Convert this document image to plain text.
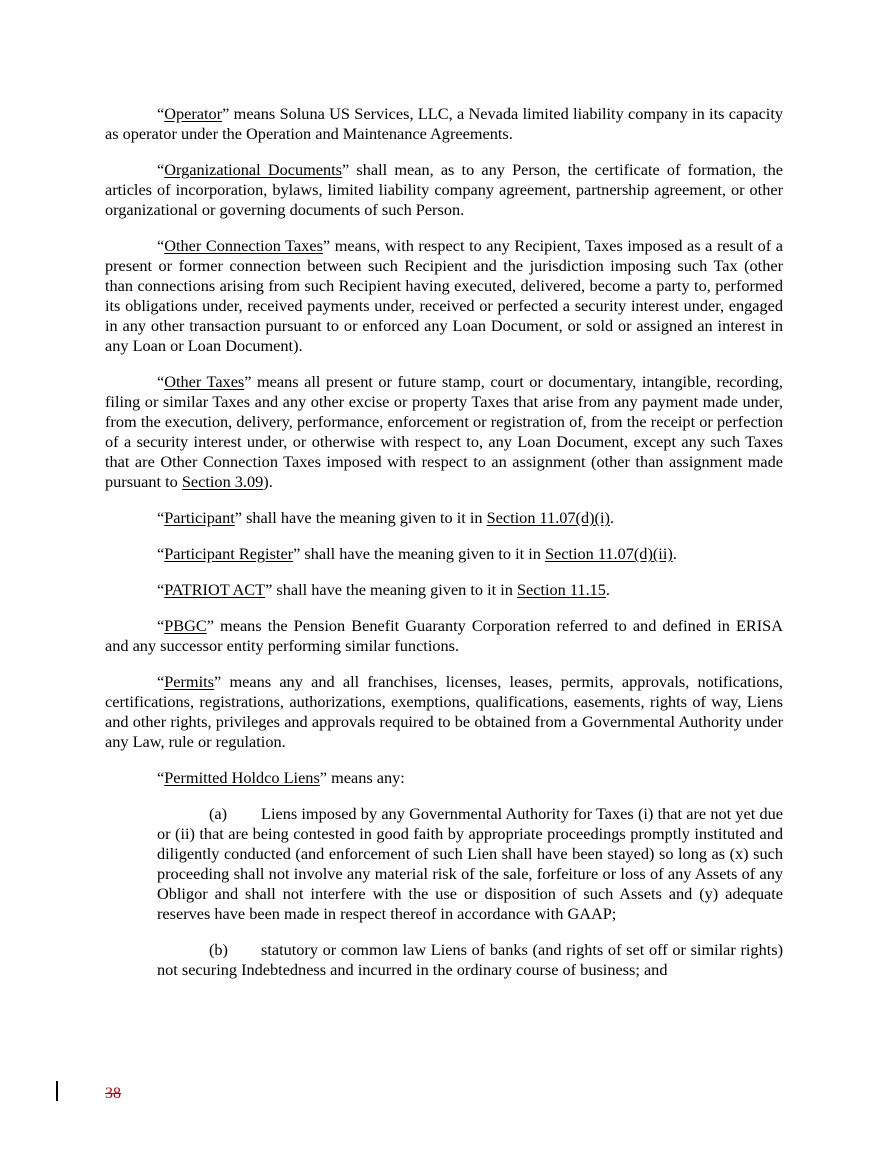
“Operator” means Soluna US Services, LLC, a Nevada limited liability company in its capacity as operator under the Operation and Maintenance Agreements.

“Organizational Documents” shall mean, as to any Person, the certificate of formation, the articles of incorporation, bylaws, limited liability company agreement, partnership agreement, or other organizational or governing documents of such Person.

“Other Connection Taxes” means, with respect to any Recipient, Taxes imposed as a result of a present or former connection between such Recipient and the jurisdiction imposing such Tax (other than connections arising from such Recipient having executed, delivered, become a party to, performed its obligations under, received payments under, received or perfected a security interest under, engaged in any other transaction pursuant to or enforced any Loan Document, or sold or assigned an interest in any Loan or Loan Document).

“Other Taxes” means all present or future stamp, court or documentary, intangible, recording, filing or similar Taxes and any other excise or property Taxes that arise from any payment made under, from the execution, delivery, performance, enforcement or registration of, from the receipt or perfection of a security interest under, or otherwise with respect to, any Loan Document, except any such Taxes that are Other Connection Taxes imposed with respect to an assignment (other than assignment made pursuant to Section 3.09).

“Participant” shall have the meaning given to it in Section 11.07(d)(i).

“Participant Register” shall have the meaning given to it in Section 11.07(d)(ii).

“PATRIOT ACT” shall have the meaning given to it in Section 11.15.

“PBGC” means the Pension Benefit Guaranty Corporation referred to and defined in ERISA and any successor entity performing similar functions.

“Permits” means any and all franchises, licenses, leases, permits, approvals, notifications, certifications, registrations, authorizations, exemptions, qualifications, easements, rights of way, Liens and other rights, privileges and approvals required to be obtained from a Governmental Authority under any Law, rule or regulation.

“Permitted Holdco Liens” means any:

(a) Liens imposed by any Governmental Authority for Taxes (i) that are not yet due or (ii) that are being contested in good faith by appropriate proceedings promptly instituted and diligently conducted (and enforcement of such Lien shall have been stayed) so long as (x) such proceeding shall not involve any material risk of the sale, forfeiture or loss of any Assets of any Obligor and shall not interfere with the use or disposition of such Assets and (y) adequate reserves have been made in respect thereof in accordance with GAAP;

(b) statutory or common law Liens of banks (and rights of set off or similar rights) not securing Indebtedness and incurred in the ordinary course of business; and

38
